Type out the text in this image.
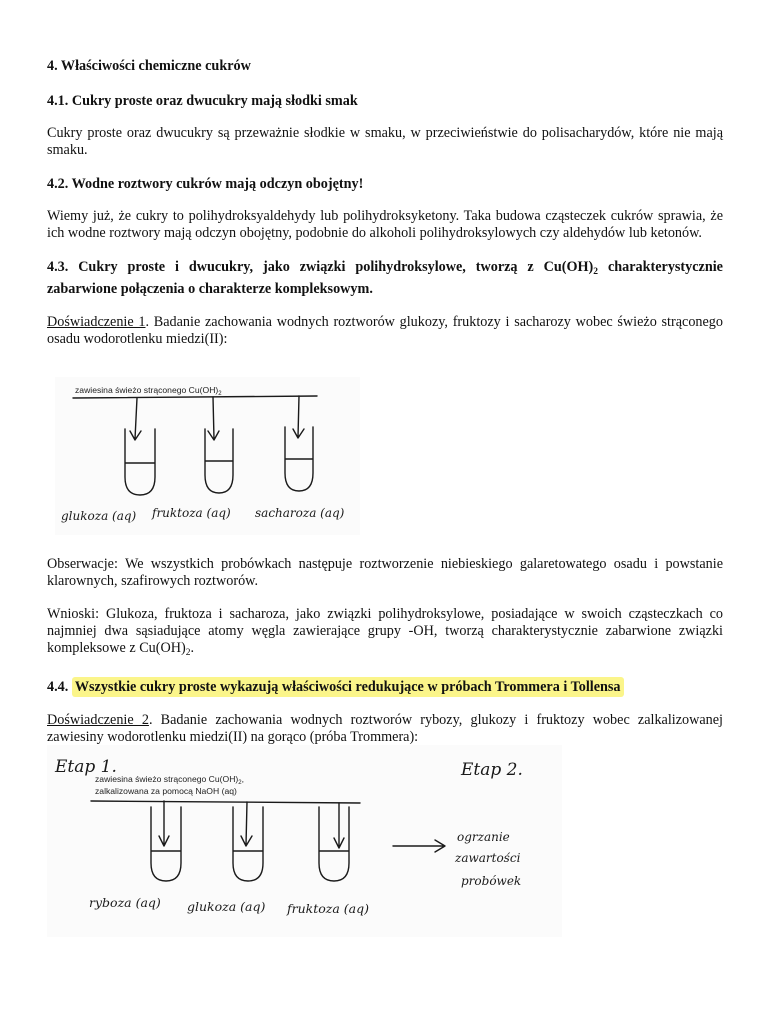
4. Właściwości chemiczne cukrów

4.1. Cukry proste oraz dwucukry mają słodki smak

Cukry proste oraz dwucukry są przeważnie słodkie w smaku, w przeciwieństwie do polisacharydów, które nie mają smaku.

4.2. Wodne roztwory cukrów mają odczyn obojętny!

Wiemy już, że cukry to polihydroksyaldehydy lub polihydroksyketony. Taka budowa cząsteczek cukrów sprawia, że ich wodne roztwory mają odczyn obojętny, podobnie do alkoholi polihydroksylowych czy aldehydów lub ketonów.

4.3. Cukry proste i dwucukry, jako związki polihydroksylowe, tworzą z $Cu(OH)_2$ charakterystycznie zabarwione połączenia o charakterze kompleksowym.

Doświadczenie 1. Badanie zachowania wodnych roztworów glukozy, fruktozy i sacharozy wobec świeżo strąconego osadu wodorotlenku miedzi(II):

zawiesina świeżo strąconego $Cu(OH)_2$
glukoza (aq) fruktoza (aq) sacharoza (aq)

Obserwacje: We wszystkich probówkach następuje roztworzenie niebieskiego galaretowatego osadu i powstanie klarownych, szafirowych roztworów.

Wnioski: Glukoza, fruktoza i sacharoza, jako związki polihydroksylowe, posiadające w swoich cząsteczkach co najmniej dwa sąsiadujące atomy węgla zawierające grupy -OH, tworzą charakterystycznie zabarwione związki kompleksowe z $Cu(OH)_2$.

4.4. Wszystkie cukry proste wykazują właściwości redukujące w próbach Trommera i Tollensa

Doświadczenie 2. Badanie zachowania wodnych roztworów rybozy, glukozy i fruktozy wobec zalkalizowanej zawiesiny wodorotlenku miedzi(II) na gorąco (próba Trommera):

Etap 1.	Etap 2.
zawiesina świeżo strąconego $Cu(OH)_2$,
zalkalizowana za pomocą NaOH (aq)
ogrzanie
zawartości
probówek
ryboza (aq) glukoza (aq) fruktoza (aq)
